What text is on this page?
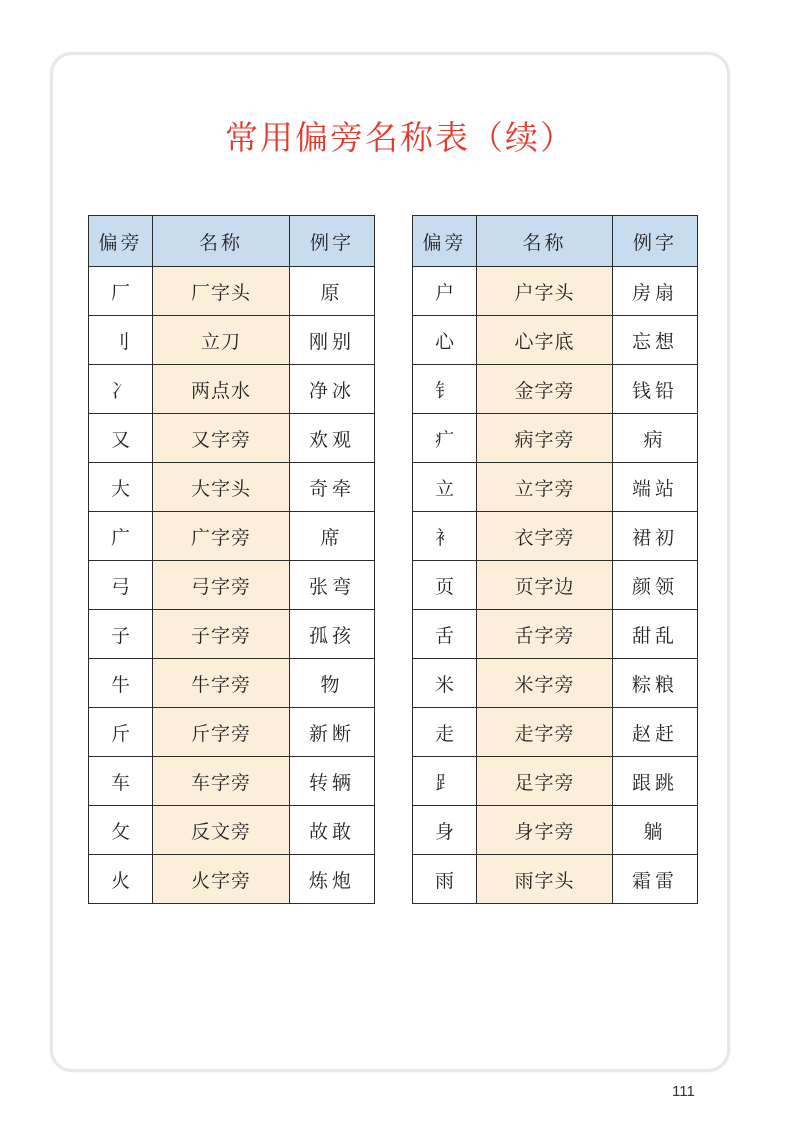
常用偏旁名称表（续）
偏旁	名称	例字
厂	厂字头	原
刂	立刀	刚别
冫	两点水	净冰
又	又字旁	欢观
大	大字头	奇牵
广	广字旁	席
弓	弓字旁	张弯
子	子字旁	孤孩
牛	牛字旁	物
斤	斤字旁	新断
车	车字旁	转辆
攵	反文旁	故敢
火	火字旁	炼炮
偏旁	名称	例字
户	户字头	房扇
心	心字底	忘想
钅	金字旁	钱铅
疒	病字旁	病
立	立字旁	端站
衤	衣字旁	裙初
页	页字边	颜领
舌	舌字旁	甜乱
米	米字旁	粽粮
走	走字旁	赵赶
⻊	足字旁	跟跳
身	身字旁	躺
雨	雨字头	霜雷
111
